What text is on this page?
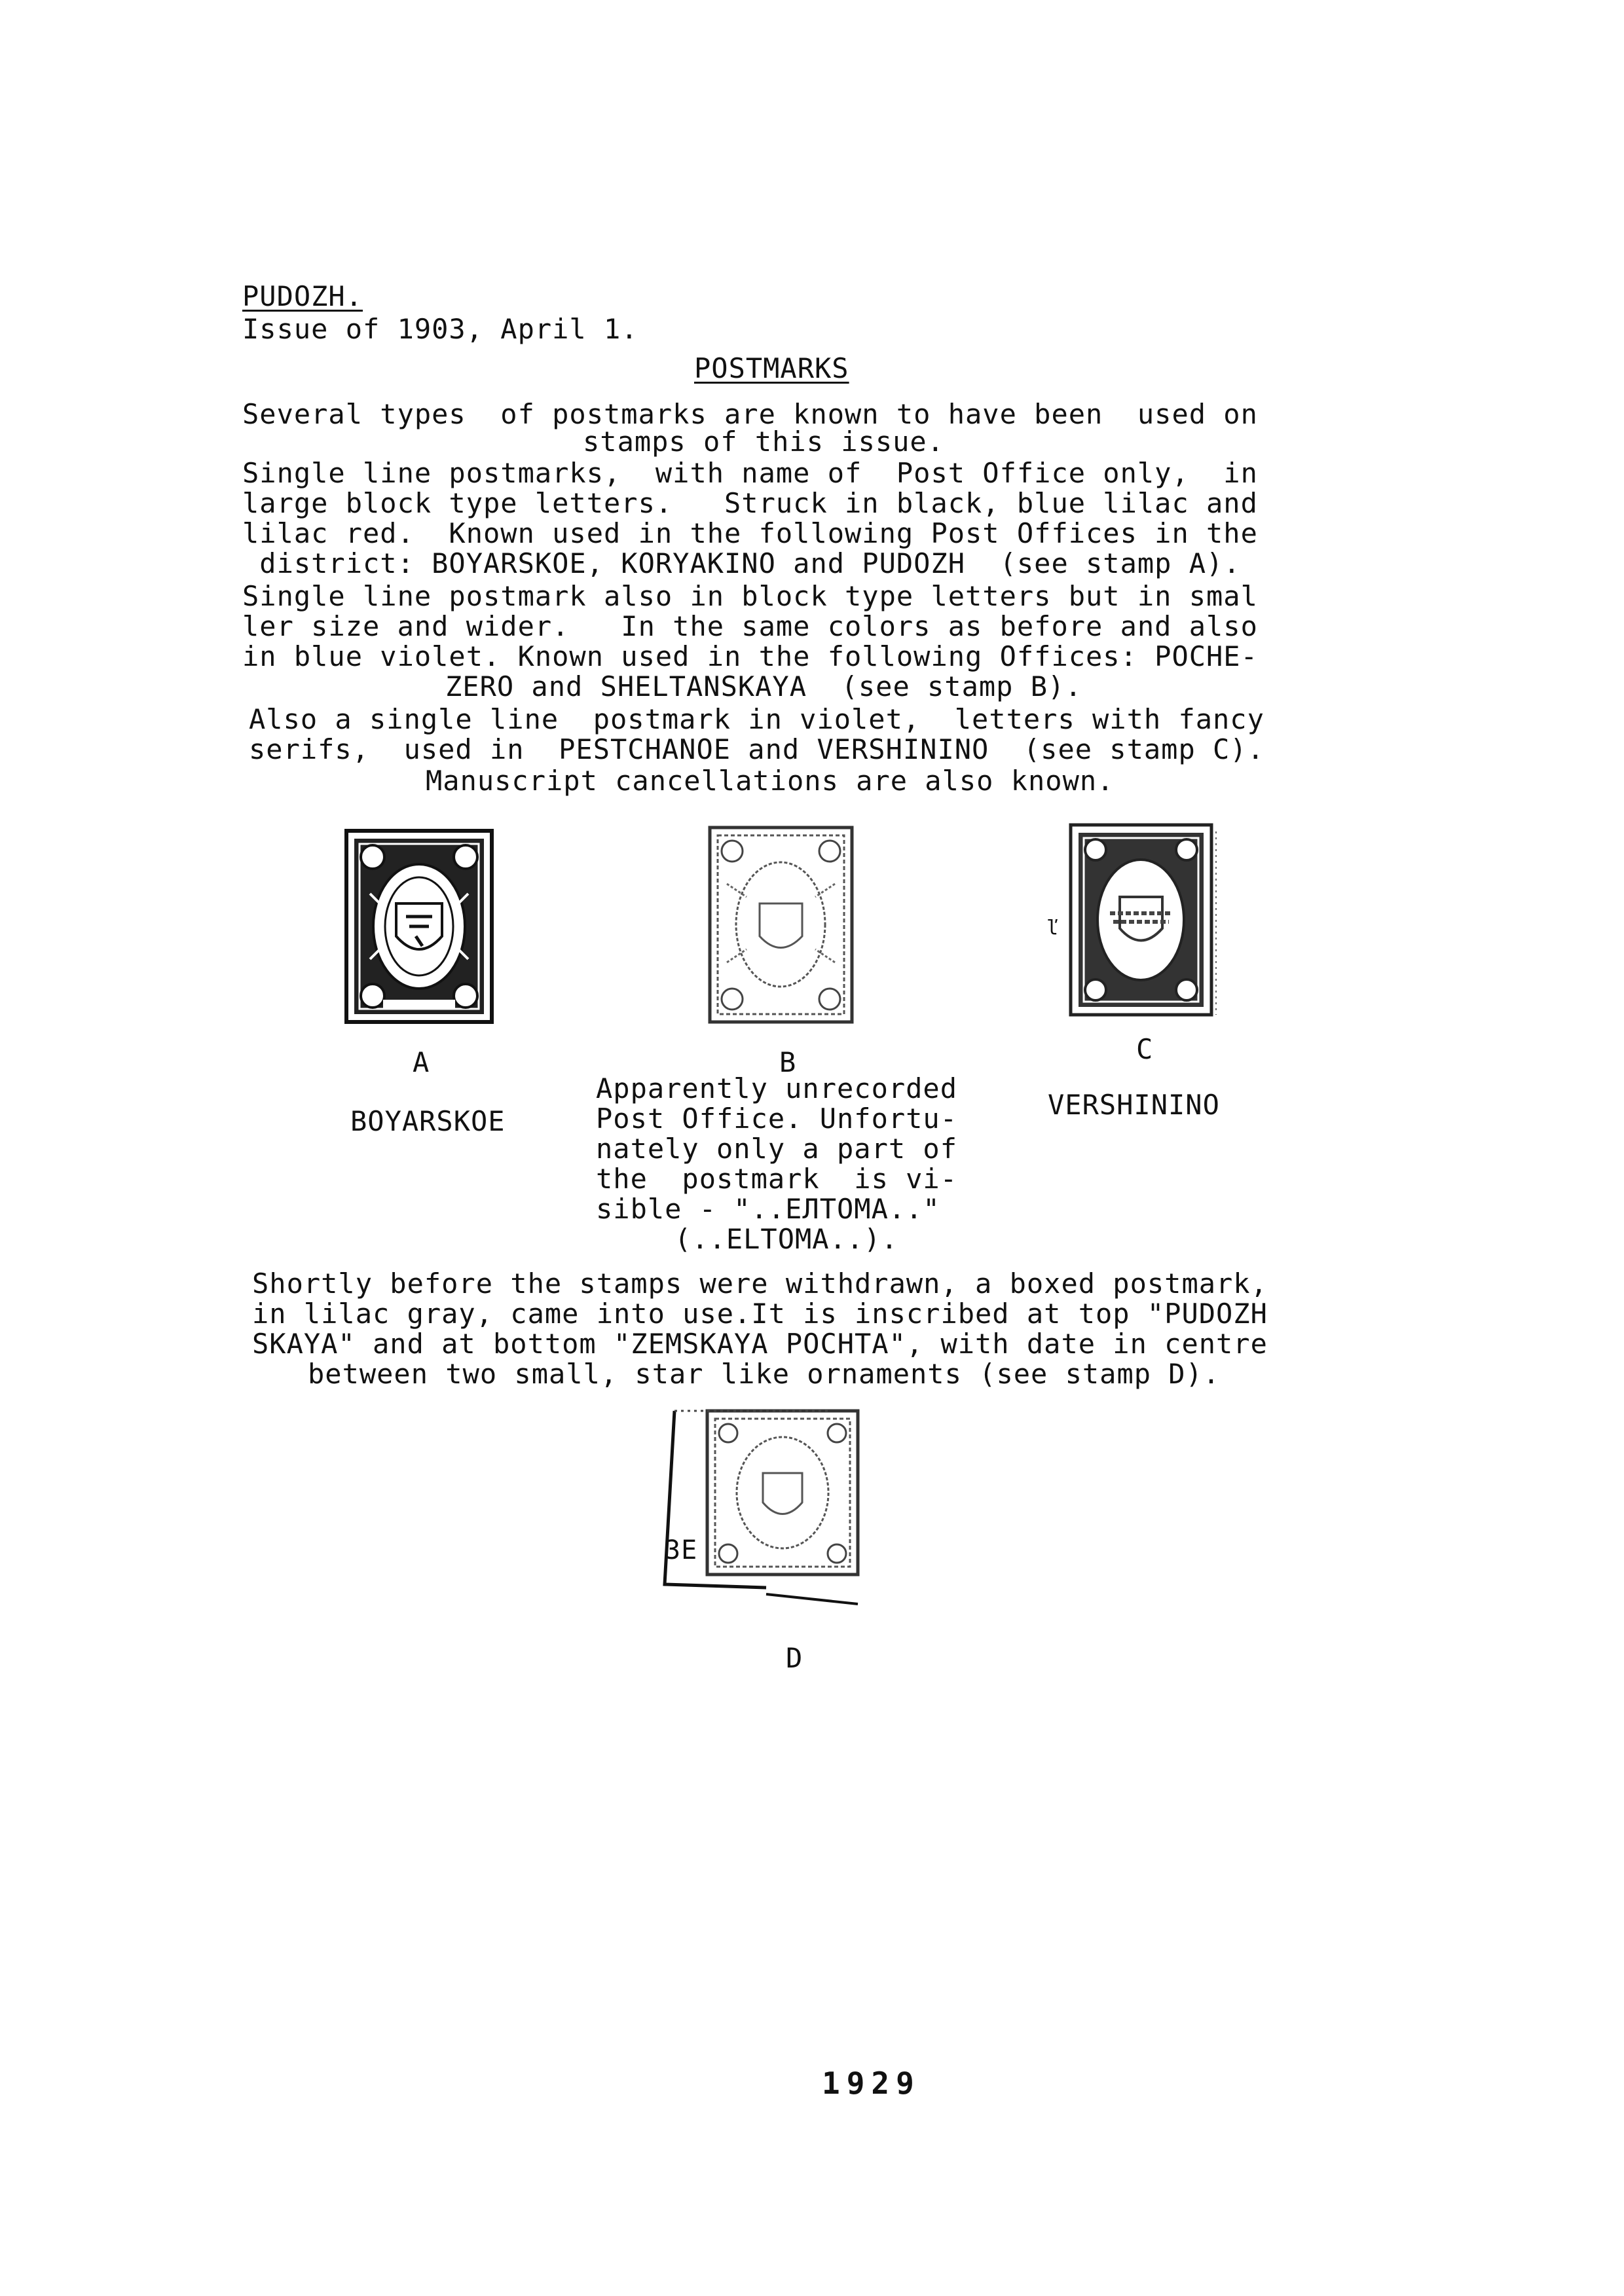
PUDOZH.
Issue of 1903, April 1.
POSTMARKS
Several types  of postmarks are known to have been  used on
stamps of this issue.
Single line postmarks,  with name of  Post Office only,  in
large block type letters.   Struck in black, blue lilac and
lilac red.  Known used in the following Post Offices in the
district: BOYARSKOE, KORYAKINO and PUDOZH  (see stamp A).
Single line postmark also in block type letters but in smal
ler size and wider.   In the same colors as before and also
in blue violet. Known used in the following Offices: POCHE-
ZERO and SHELTANSKAYA  (see stamp B).
Also a single line  postmark in violet,  letters with fancy
serifs,  used in  PESTCHANOE and VERSHININO  (see stamp C).
Manuscript cancellations are also known.
A
BOYARSKOE
B
Apparently unrecorded
Post Office. Unfortu-
nately only a part of
the  postmark  is vi-
sible - "..EЛTOMA.."
(..ELTOMA..).
ľ
C
VERSHININO
Shortly before the stamps were withdrawn, a boxed postmark,
in lilac gray, came into use.It is inscribed at top "PUDOZH
SKAYA" and at bottom "ZEMSKAYA POCHTA", with date in centre
between two small, star like ornaments (see stamp D).
3E
D
1929
